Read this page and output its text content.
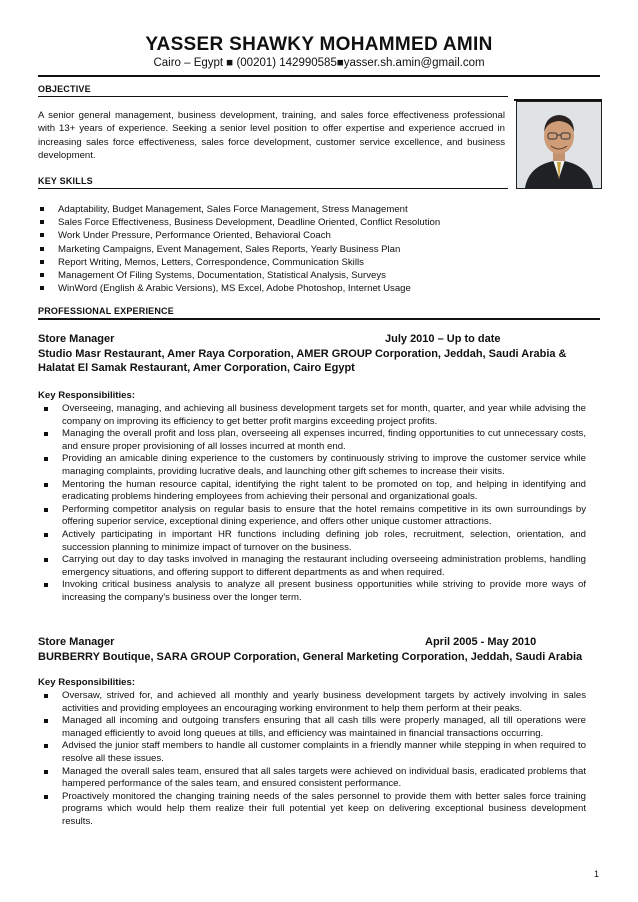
YASSER SHAWKY MOHAMMED AMIN
Cairo – Egypt ■ (00201) 142990585■yasser.sh.amin@gmail.com
OBJECTIVE
A senior general management, business development, training, and sales force effectiveness professional with 13+ years of experience. Seeking a senior level position to offer expertise and experience accrued in increasing sales force effectiveness, sales force development, customer service excellence, and business development.
KEY SKILLS
Adaptability, Budget Management, Sales Force Management, Stress Management
Sales Force Effectiveness, Business Development, Deadline Oriented, Conflict Resolution
Work Under Pressure, Performance Oriented, Behavioral Coach
Marketing Campaigns, Event Management, Sales Reports, Yearly Business Plan
Report Writing, Memos, Letters, Correspondence, Communication Skills
Management Of Filing Systems, Documentation, Statistical Analysis, Surveys
WinWord (English & Arabic Versions), MS Excel, Adobe Photoshop, Internet Usage
PROFESSIONAL EXPERIENCE
Store Manager	July 2010 – Up to date
Studio Masr Restaurant, Amer Raya Corporation, AMER GROUP Corporation, Jeddah, Saudi Arabia & Halatat El Samak Restaurant, Amer Corporation, Cairo Egypt
Key Responsibilities:
Overseeing, managing, and achieving all business development targets set for month, quarter, and year while advising the company on improving its efficiency to get better profit margins exceeding project profits.
Managing the overall profit and loss plan, overseeing all expenses incurred, finding opportunities to cut unnecessary costs, and ensure proper provisioning of all losses incurred at month end.
Providing an amicable dining experience to the customers by continuously striving to improve the customer service while managing complaints, providing lucrative deals, and launching other gift schemes to increase their visits.
Mentoring the human resource capital, identifying the right talent to be promoted on top, and helping in identifying and eradicating problems hindering employees from achieving their personal and organizational goals.
Performing competitor analysis on regular basis to ensure that the hotel remains competitive in its own surroundings by offering superior service, exceptional dining experience, and offers other unique customer attractions.
Actively participating in important HR functions including defining job roles, recruitment, selection, orientation, and succession planning to minimize impact of turnover on the business.
Carrying out day to day tasks involved in managing the restaurant including overseeing administration problems, handling emergency situations, and offering support to different departments as and when required.
Invoking critical business analysis to analyze all present business opportunities while striving to provide more ways of increasing the company's business over the longer term.
Store Manager	April 2005 - May 2010
BURBERRY Boutique, SARA GROUP Corporation, General Marketing Corporation, Jeddah, Saudi Arabia
Key Responsibilities:
Oversaw, strived for, and achieved all monthly and yearly business development targets by actively involving in sales activities and providing employees an encouraging working environment to help them perform at their peaks.
Managed all incoming and outgoing transfers ensuring that all cash tills were properly managed, all till operations were managed efficiently to avoid long queues at tills, and efficiency was maintained in financial transactions occurring.
Advised the junior staff members to handle all customer complaints in a friendly manner while stepping in when required to resolve all these issues.
Managed the overall sales team, ensured that all sales targets were achieved on individual basis, eradicated problems that hampered performance of the sales team, and ensured consistent performance.
Proactively monitored the changing training needs of the sales personnel to provide them with better sales force training programs which would help them realize their full potential yet keep on delivering exceptional business development results.
1
